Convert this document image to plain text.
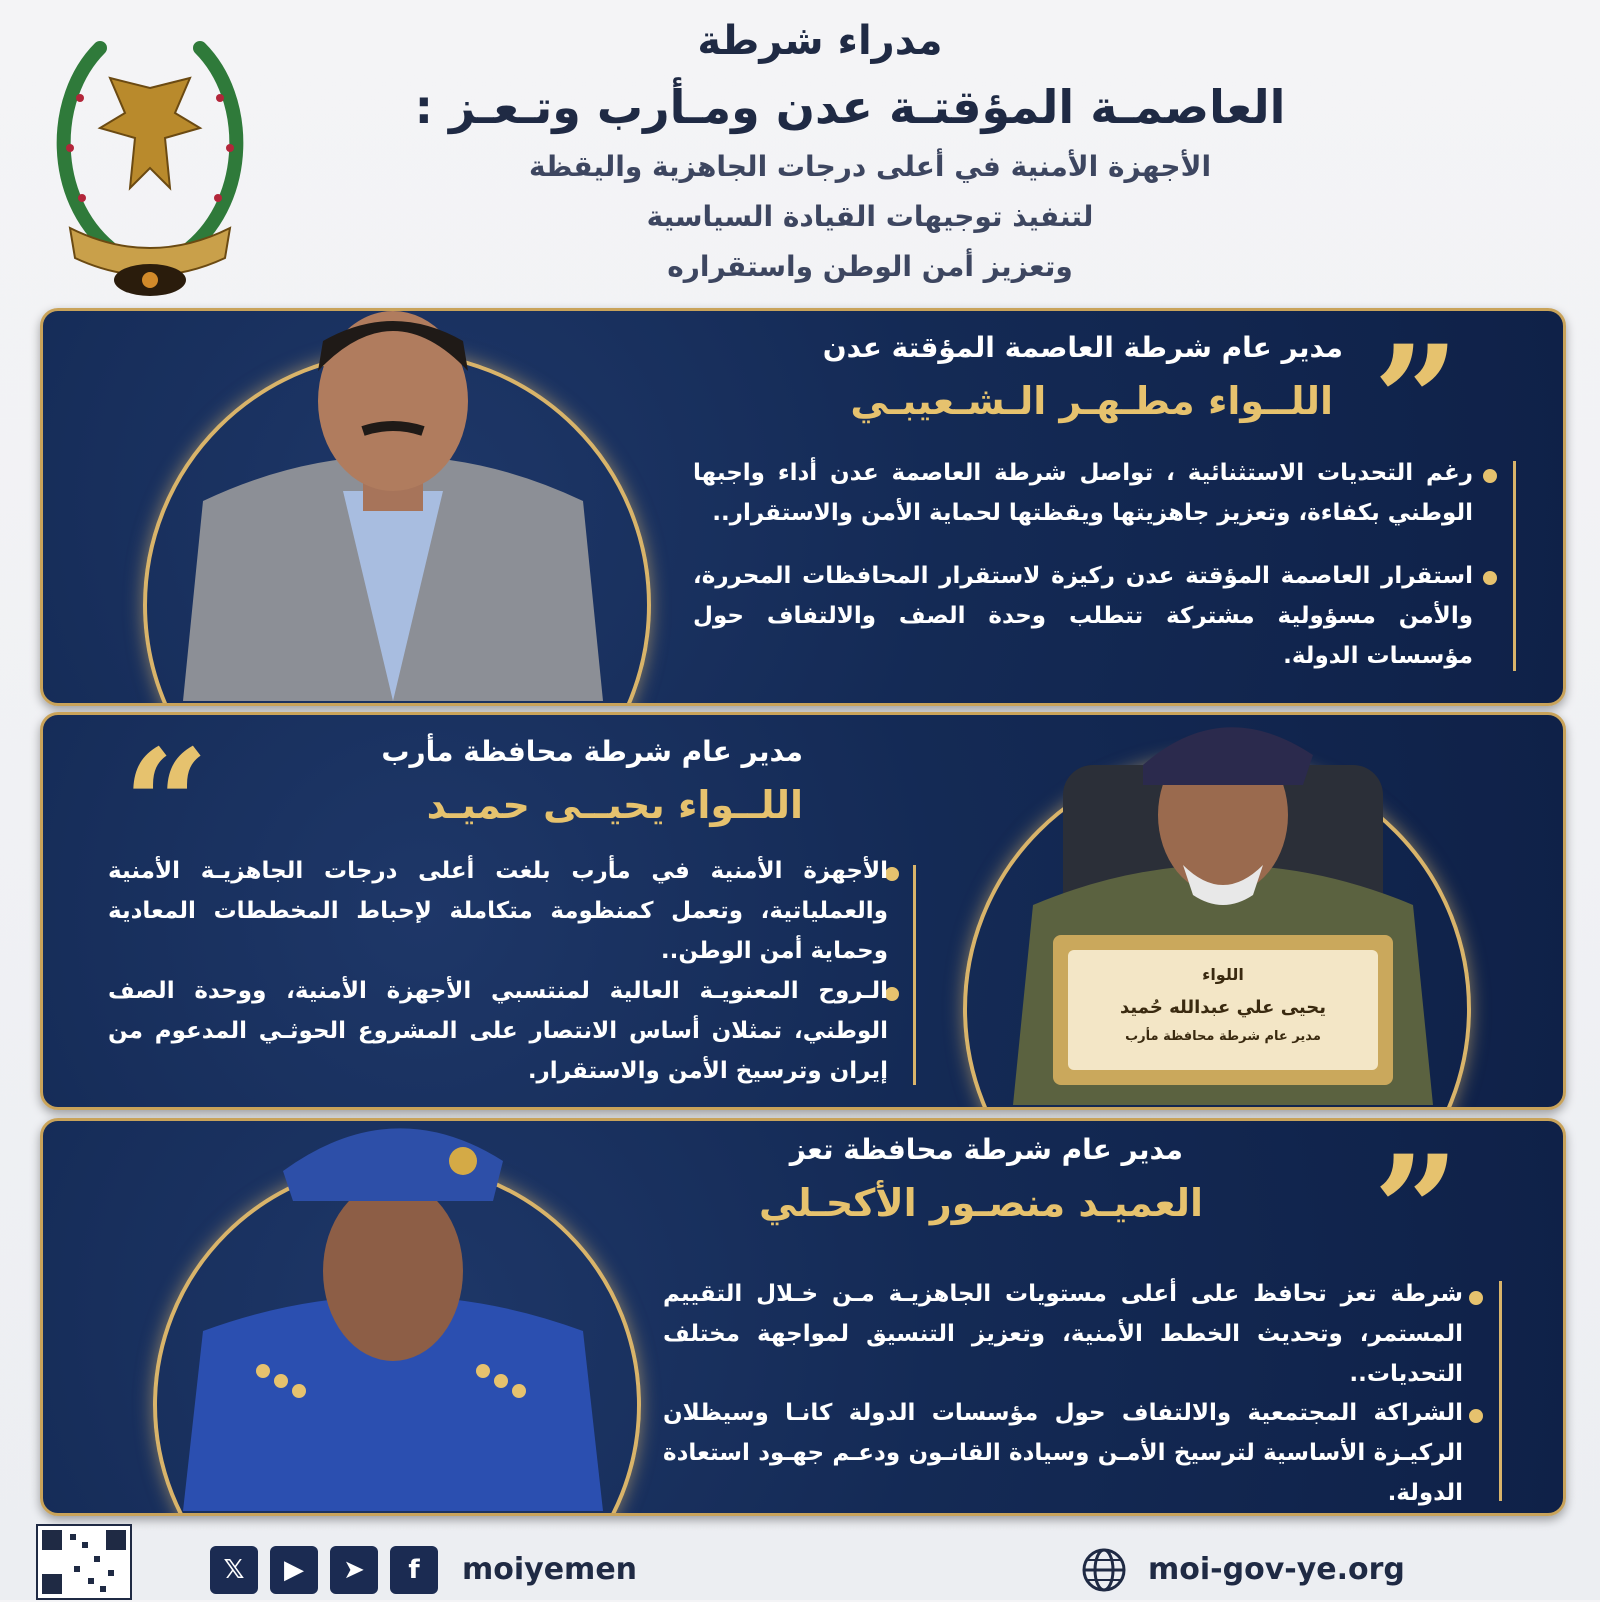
مدراء شرطة
العاصمـة المؤقتـة عدن ومـأرب وتـعـز :
الأجهزة الأمنية في أعلى درجات الجاهزية واليقظة
لتنفيذ توجيهات القيادة السياسية
وتعزيز أمن الوطن واستقراره
”
مدير عام شرطة العاصمة المؤقتة عدن
اللــواء مطـهـر الـشـعيبـي
رغم التحديات الاستثنائية ، تواصل شرطة العاصمة عدن أداء واجبها الوطني بكفاءة، وتعزيز جاهزيتها ويقظتها لحماية الأمن والاستقرار..
استقرار العاصمة المؤقتة عدن ركيزة لاستقرار المحافظات المحررة، والأمن مسؤولية مشتركة تتطلب وحدة الصف والالتفاف حول مؤسسات الدولة.
اللواء
يحيى علي عبدالله حُميد
مدير عام شرطة محافظة مأرب
“	مدير عام شرطة محافظة مأرب
اللــواء يحيــى حميـد
الأجهزة الأمنية في مأرب بلغت أعلى درجات الجاهزيـة الأمنية والعملياتية، وتعمل كمنظومة متكاملة لإحباط المخططات المعادية وحماية أمن الوطن..
الـروح المعنويـة العالية لمنتسبي الأجهزة الأمنية، ووحدة الصف الوطني، تمثلان أساس الانتصار على المشروع الحوثـي المدعوم من إيران وترسيخ الأمن والاستقرار.
”
مدير عام شرطة محافظة تعز
العميـد منصـور الأكحـلي
شرطة تعز تحافظ على أعلى مستويات الجاهزيـة مـن خـلال التقييم المستمر، وتحديث الخطط الأمنية، وتعزيز التنسيق لمواجهة مختلف التحديات..
الشراكة المجتمعية والالتفاف حول مؤسسات الدولة كانـا وسيظلان الركيـزة الأساسية لترسيخ الأمـن وسيادة القانـون ودعـم جهـود استعادة الدولة.
𝕏	▶	➤	f	moiyemen	moi-gov-ye.org
